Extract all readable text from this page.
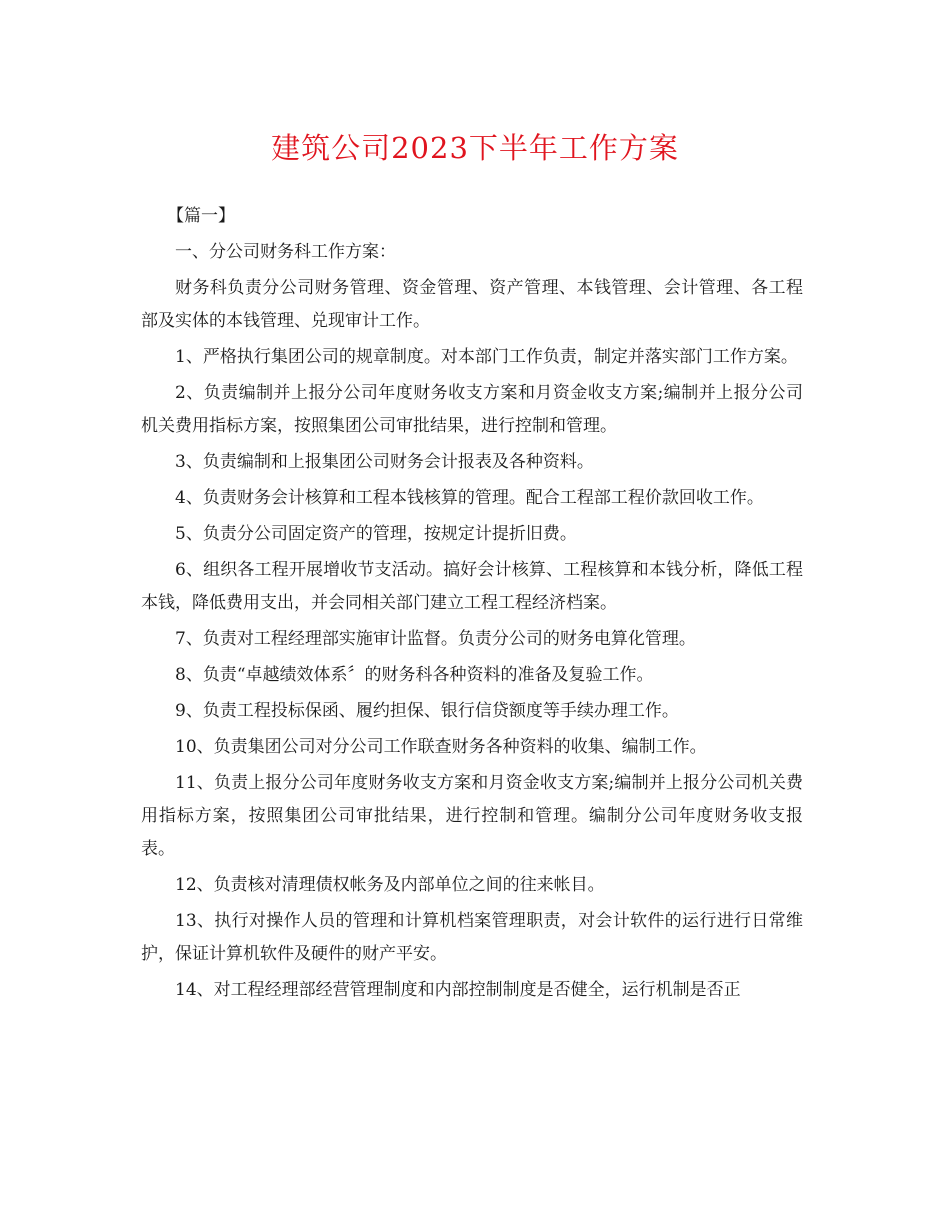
建筑公司2023下半年工作方案

【篇一】

一、分公司财务科工作方案：

财务科负责分公司财务管理、资金管理、资产管理、本钱管理、会计管理、各工程部及实体的本钱管理、兑现审计工作。

1、严格执行集团公司的规章制度。对本部门工作负责，制定并落实部门工作方案。

2、负责编制并上报分公司年度财务收支方案和月资金收支方案;编制并上报分公司机关费用指标方案，按照集团公司审批结果，进行控制和管理。

3、负责编制和上报集团公司财务会计报表及各种资料。

4、负责财务会计核算和工程本钱核算的管理。配合工程部工程价款回收工作。

5、负责分公司固定资产的管理，按规定计提折旧费。

6、组织各工程开展增收节支活动。搞好会计核算、工程核算和本钱分析，降低工程本钱，降低费用支出，并会同相关部门建立工程工程经济档案。

7、负责对工程经理部实施审计监督。负责分公司的财务电算化管理。

8、负责“卓越绩效体系〞的财务科各种资料的准备及复验工作。

9、负责工程投标保函、履约担保、银行信贷额度等手续办理工作。

10、负责集团公司对分公司工作联查财务各种资料的收集、编制工作。

11、负责上报分公司年度财务收支方案和月资金收支方案;编制并上报分公司机关费用指标方案，按照集团公司审批结果，进行控制和管理。编制分公司年度财务收支报表。

12、负责核对清理债权帐务及内部单位之间的往来帐目。

13、执行对操作人员的管理和计算机档案管理职责，对会计软件的运行进行日常维护，保证计算机软件及硬件的财产平安。

14、对工程经理部经营管理制度和内部控制制度是否健全，运行机制是否正
